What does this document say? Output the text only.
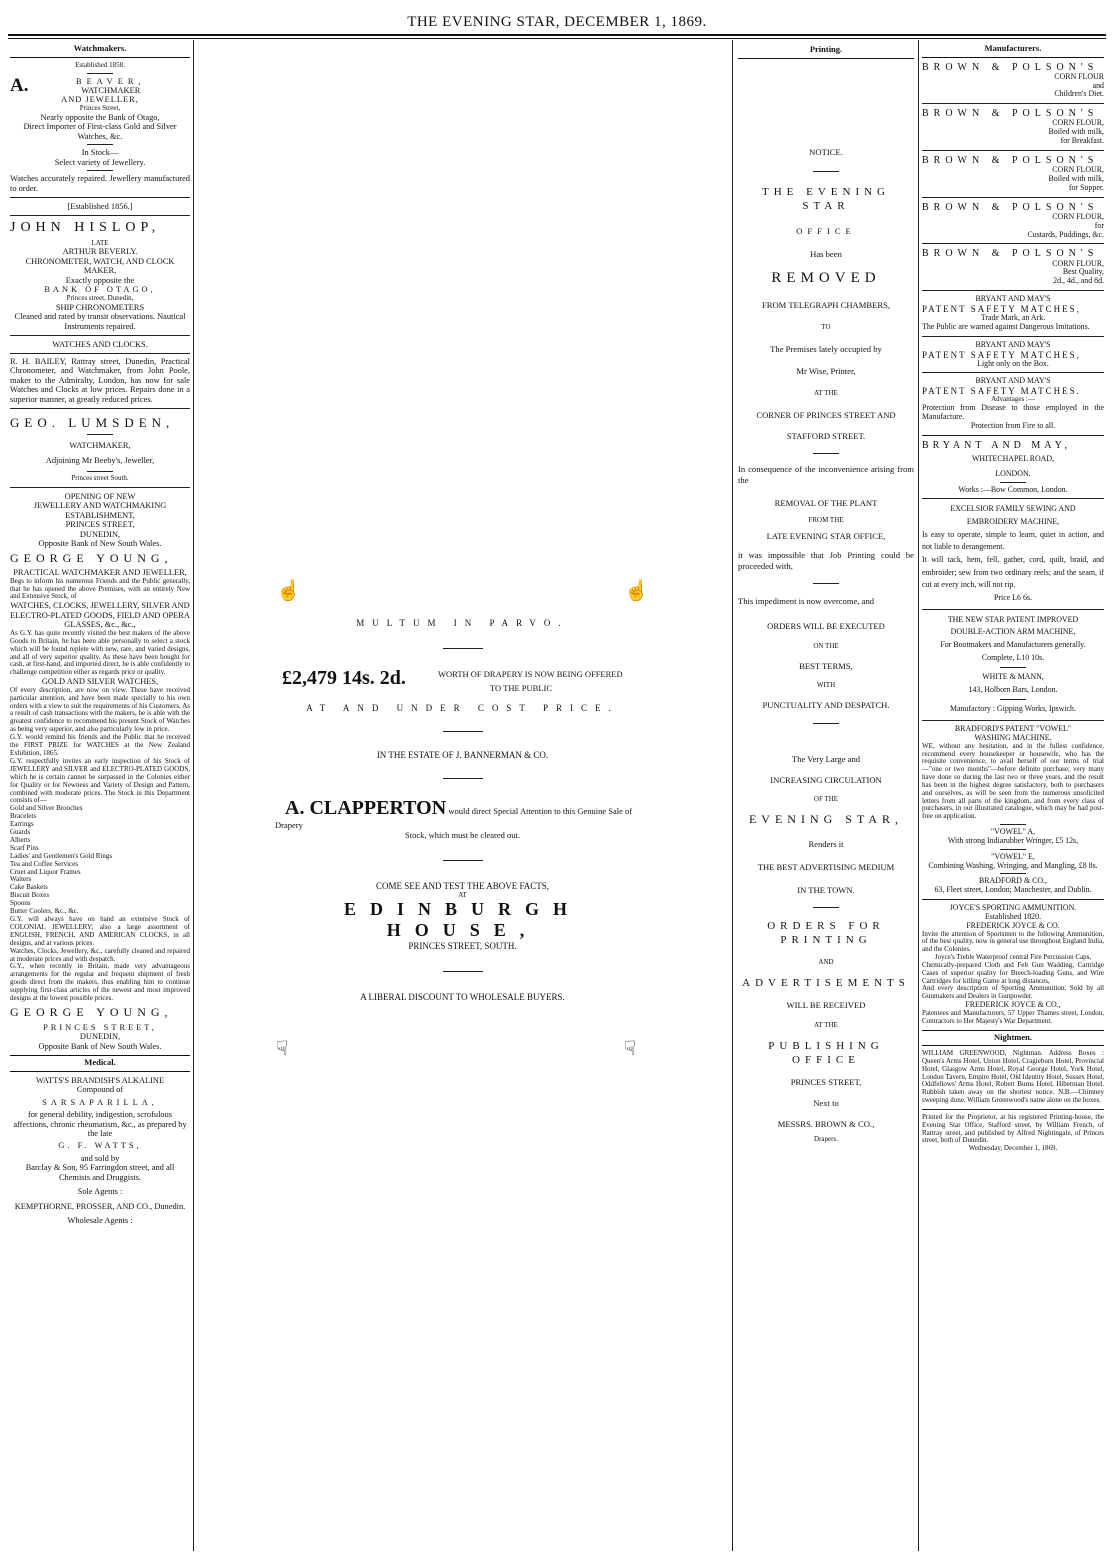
THE EVENING STAR, DECEMBER 1, 1869.
Watchmakers.

Established 1858.

A.	BEAVER,

WATCHMAKER

AND JEWELLER,

Princes Street,

Nearly opposite the Bank of Otago,

Direct Importer of First-class Gold and Silver Watches, &c.

In Stock—

Select variety of Jewellery.

Watches accurately repaired. Jewellery manufactured to order.

[Established 1856.]

JOHN HISLOP,

LATE

ARTHUR BEVERLY.

CHRONOMETER, WATCH, AND CLOCK MAKER,

Exactly opposite the

BANK OF OTAGO,

Princes street, Dunedin,

SHIP CHRONOMETERS

Cleaned and rated by transit observations. Nautical Instruments repaired.

WATCHES AND CLOCKS.

R. H. BAILEY, Rattray street, Dunedin, Practical Chronometer, and Watchmaker, from John Poole, maker to the Admiralty, London, has now for sale Watches and Clocks at low prices. Repairs done in a superior manner, at greatly reduced prices.

GEO. LUMSDEN,

WATCHMAKER,

Adjoining Mr Beeby's, Jeweller,

Princes street South.

OPENING OF NEW

JEWELLERY AND WATCHMAKING ESTABLISHMENT,

PRINCES STREET,

DUNEDIN,

Opposite Bank of New South Wales.

GEORGE YOUNG,

PRACTICAL WATCHMAKER AND JEWELLER,

Begs to inform his numerous Friends and the Public generally, that he has opened the above Premises, with an entirely New and Extensive Stock, of

WATCHES, CLOCKS, JEWELLERY, SILVER AND ELECTRO-PLATED GOODS, FIELD AND OPERA GLASSES, &c., &c.,

As G.Y. has quite recently visited the best makers of the above Goods in Britain, he has been able personally to select a stock which will be found replete with new, rare, and varied designs, and all of very superior quality. As these have been bought for cash, at first-hand, and imported direct, he is able confidently to challenge competition either as regards price or quality.

GOLD AND SILVER WATCHES,

Of every description, are now on view. These have received particular attention, and have been made specially to his own orders with a view to suit the requirements of his Customers. As a result of cash transactions with the makers, he is able with the greatest confidence to recommend his present Stock of Watches as being very superior, and also particularly low in price.

G.Y. would remind his friends and the Public that he received the FIRST PRIZE for WATCHES at the New Zealand Exhibition, 1865.

G.Y. respectfully invites an early inspection of his Stock of JEWELLERY and SILVER and ELECTRO-PLATED GOODS, which he is certain cannot be surpassed in the Colonies either for Quality or for Newness and Variety of Design and Pattern, combined with moderate prices. The Stock in this Department consists of—

Gold and Silver Brooches

Bracelets

Earrings

Guards

Alberts

Scarf Pins

Ladies' and Gentlemen's Gold Rings

Tea and Coffee Services

Cruet and Liquor Frames

Waiters

Cake Baskets

Biscuit Boxes

Spoons

Butter Coolers, &c., &c.

G.Y. will always have on hand an extensive Stock of COLONIAL JEWELLERY; also a large assortment of ENGLISH, FRENCH, AND AMERICAN CLOCKS, in all designs, and at various prices.

Watches, Clocks, Jewellery, &c., carefully cleaned and repaired at moderate prices and with despatch.

G.Y., when recently in Britain, made very advantageous arrangements for the regular and frequent shipment of fresh goods direct from the makers, thus enabling him to continue supplying first-class articles of the newest and most improved designs at the lowest possible prices.

GEORGE YOUNG,

PRINCES STREET,

DUNEDIN,

Opposite Bank of New South Wales.

Medical.

WATTS'S BRANDISH'S ALKALINE

Compound of

SARSAPARILLA,

for general debility, indigestion, scrofulous affections, chronic rheumatism, &c., as prepared by the late

G. F. WATTS,

and sold by

Barclay & Son, 95 Farringdon street, and all Chemists and Druggists.

Sole Agents :

KEMPTHORNE, PROSSER, AND CO., Dunedin.

Wholesale Agents :

☝	☝
☟	☟

MULTUM IN PARVO.

£2,479 14s. 2d.	WORTH OF DRAPERY IS NOW BEING OFFERED
TO THE PUBLIC

AT AND UNDER COST PRICE.

IN THE ESTATE OF J. BANNERMAN & CO.

A. CLAPPERTON would direct Special Attention to this Genuine Sale of Drapery

Stock, which must be cleared out.

COME SEE AND TEST THE ABOVE FACTS,

AT

EDINBURGH HOUSE,

PRINCES STREET, SOUTH.

A LIBERAL DISCOUNT TO WHOLESALE BUYERS.

Printing.

NOTICE.

THE EVENING STAR

OFFICE

Has been

REMOVED

FROM TELEGRAPH CHAMBERS,

TO

The Premises lately occupied by

Mr Wise, Printer,

AT THE

CORNER OF PRINCES STREET AND

STAFFORD STREET.

In consequence of the inconvenience arising from the

REMOVAL OF THE PLANT

FROM THE

LATE EVENING STAR OFFICE,

it was impossible that Job Printing could be proceeded with,

This impediment is now overcome, and

ORDERS WILL BE EXECUTED

ON THE

BEST TERMS,

WITH

PUNCTUALITY AND DESPATCH.

The Very Large and

INCREASING CIRCULATION

OF THE

EVENING STAR,

Renders it

THE BEST ADVERTISING MEDIUM

IN THE TOWN.

ORDERS FOR PRINTING

AND

ADVERTISEMENTS

WILL BE RECEIVED

AT THE

PUBLISHING OFFICE

PRINCES STREET,

Next to

MESSRS. BROWN & CO.,

Drapers.

Manufacturers.

BROWN & POLSON'S

CORN FLOUR

and

Children's Diet.

BROWN & POLSON'S

CORN FLOUR,

Boiled with milk,

for Breakfast.

BROWN & POLSON'S

CORN FLOUR,

Boiled with milk,

for Supper.

BROWN & POLSON'S

CORN FLOUR,

for

Custards, Puddings, &c.

BROWN & POLSON'S

CORN FLOUR,

Best Quality,

2d., 4d., and 8d.

BRYANT AND MAY'S

PATENT SAFETY MATCHES,

Trade Mark, an Ark.

The Public are warned against Dangerous Imitations.

BRYANT AND MAY'S

PATENT SAFETY MATCHES,

Light only on the Box.

BRYANT AND MAY'S

PATENT SAFETY MATCHES.

Advantages :—

Protection from Disease to those employed in the Manufacture.

Protection from Fire to all.

BRYANT AND MAY,

WHITECHAPEL ROAD,

LONDON.

Works :—Bow Common, London.

EXCELSIOR FAMILY SEWING AND

EMBROIDERY MACHINE,

Is easy to operate, simple to learn, quiet in action, and not liable to derangement.

It will tack, hem, fell, gather, cord, quilt, braid, and embroider; sew from two ordinary reels; and the seam, if cut at every inch, will not rip.

Price L6 6s.

THE NEW STAR PATENT IMPROVED

DOUBLE-ACTION ARM MACHINE,

For Bootmakers and Manufacturers generally.

Complete, L10 10s.

WHITE & MANN,

143, Holborn Bars, London.

Manufactory : Gipping Works, Ipswich.

BRADFORD'S PATENT "VOWEL"

WASHING MACHINE.

WE, without any hesitation, and in the fullest confidence, recommend every housekeeper or housewife, who has the requisite convenience, to avail herself of our terms of trial—"one or two months"—before definite purchase; very many have done so during the last two or three years, and the result has been in the highest degree satisfactory, both to purchasers and ourselves, as will be seen from the numerous unsolicited letters from all parts of the kingdom, and from every class of purchasers, in our illustrated catalogue, which may be had post-free on application.

"VOWEL" A,

With strong Indiarubber Wringer, £5 12s,

"VOWEL" E,

Combining Washing, Wringing, and Mangling, £8 8s.

BRADFORD & CO.,

63, Fleet street, London; Manchester, and Dublin.

JOYCE'S SPORTING AMMUNITION.

Established 1820.

FREDERICK JOYCE & CO.

Invite the attention of Sportsmen to the following Ammunition, of the best quality, now in general use throughout England India, and the Colonies.

Joyce's Treble Waterproof central Fire Percussion Caps,

Chemically-prepared Cloth and Felt Gun Wadding, Cartridge Cases of superior quality for Breech-loading Guns, and Wire Cartridges for killing Game at long distances,

And every description of Sporting Ammunition. Sold by all Gunmakers and Dealers in Gunpowder.

FREDERICK JOYCE & CO.,

Patentees and Manufacturers, 57 Upper Thames street, London, Contractors to Her Majesty's War Department.

Nightmen.

WILLIAM GREENWOOD, Nightman. Address Boxes : Queen's Arms Hotel, Union Hotel, Cragieburn Hotel, Provincial Hotel, Glasgow Arms Hotel, Royal George Hotel, York Hotel, London Tavern, Empire Hotel, Old Identity Hotel, Sussex Hotel, Oddfellows' Arms Hotel, Robert Burns Hotel, Hibernian Hotel. Rubbish taken away on the shortest notice. N.B.—Chimney sweeping done. William Greenwood's name alone on the boxes.

Printed for the Proprietor, at his registered Printing-house, the Evening Star Office, Stafford street, by William French, of Rattray street, and published by Alfred Nightingale, of Princes street, both of Dunedin.

Wednesday, December 1, 1869.
